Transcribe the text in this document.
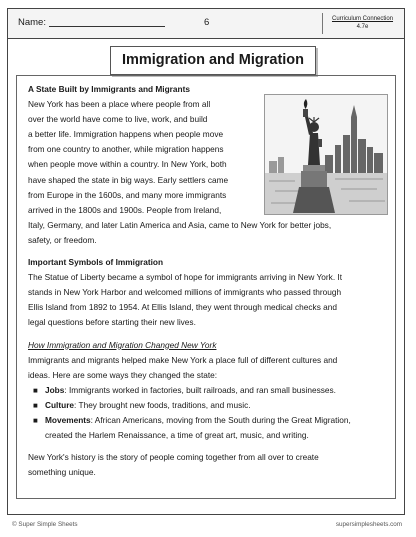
Name:	6	Curriculum Connection
4.7e
Immigration and Migration

A State Built by Immigrants and Migrants

New York has been a place where people from all

over the world have come to live, work, and build

a better life. Immigration happens when people move

from one country to another, while migration happens

when people move within a country. In New York, both

have shaped the state in big ways. Early settlers came

from Europe in the 1600s, and many more immigrants

arrived in the 1800s and 1900s. People from Ireland,

Italy, Germany, and later Latin America and Asia, came to New York for better jobs,

safety, or freedom.

Important Symbols of Immigration

The Statue of Liberty became a symbol of hope for immigrants arriving in New York. It

stands in New York Harbor and welcomed millions of immigrants who passed through

Ellis Island from 1892 to 1954. At Ellis Island, they went through medical checks and

legal questions before starting their new lives.

How Immigration and Migration Changed New York

Immigrants and migrants helped make New York a place full of different cultures and

ideas. Here are some ways they changed the state:

■ Jobs: Immigrants worked in factories, built railroads, and ran small businesses.
■ Culture: They brought new foods, traditions, and music.
■ Movements: African Americans, moving from the South during the Great Migration,
created the Harlem Renaissance, a time of great art, music, and writing.

New York's history is the story of people coming together from all over to create

something unique.

© Super Simple Sheets	supersimplesheets.com
